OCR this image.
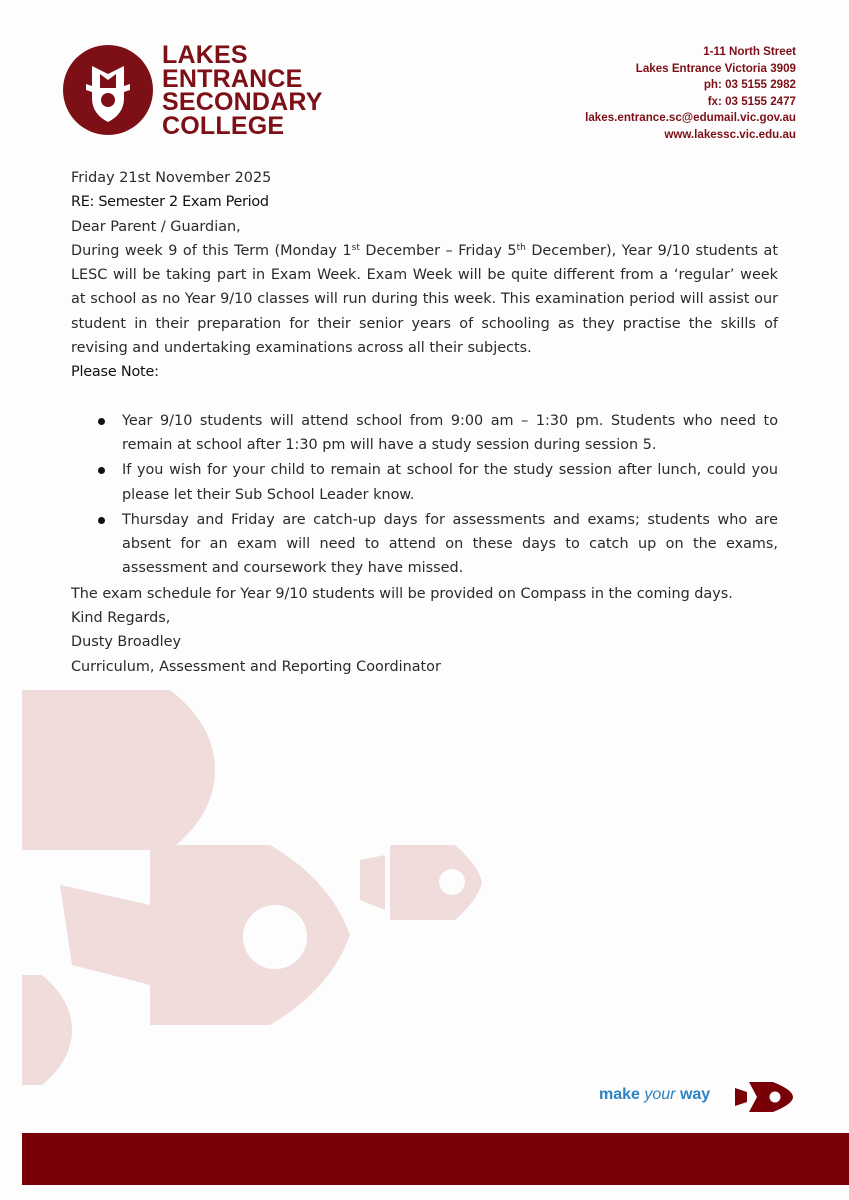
LAKES
ENTRANCE
SECONDARY
COLLEGE
1-11 North Street
Lakes Entrance Victoria 3909
ph: 03 5155 2982
fx: 03 5155 2477
lakes.entrance.sc@edumail.vic.gov.au
www.lakessc.vic.edu.au

Friday 21st November 2025

RE: Semester 2 Exam Period

Dear Parent / Guardian,

During week 9 of this Term (Monday 1st December – Friday 5th December), Year 9/10 students at LESC will be taking part in Exam Week. Exam Week will be quite different from a ‘regular’ week at school as no Year 9/10 classes will run during this week. This examination period will assist our student in their preparation for their senior years of schooling as they practise the skills of revising and undertaking examinations across all their subjects.

Please Note:

Year 9/10 students will attend school from 9:00 am – 1:30 pm. Students who need to remain at school after 1:30 pm will have a study session during session 5.
If you wish for your child to remain at school for the study session after lunch, could you please let their Sub School Leader know.
Thursday and Friday are catch-up days for assessments and exams; students who are absent for an exam will need to attend on these days to catch up on the exams, assessment and coursework they have missed.

The exam schedule for Year 9/10 students will be provided on Compass in the coming days.

Kind Regards,

Dusty Broadley

Curriculum, Assessment and Reporting Coordinator

make your way
